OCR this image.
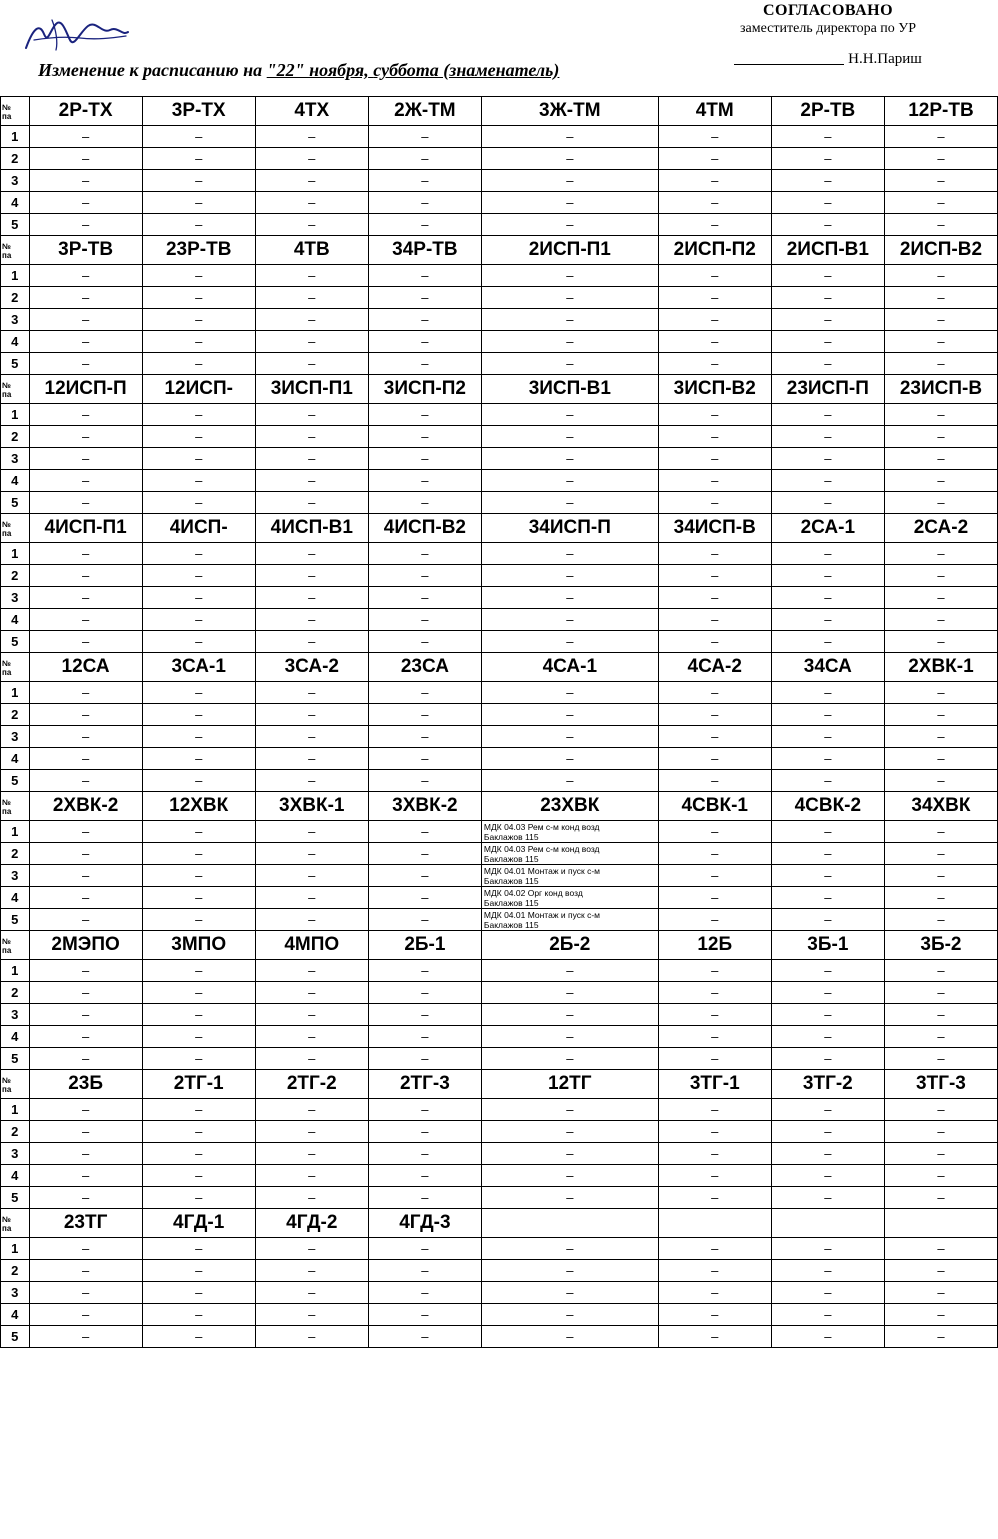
СОГЛАСОВАНО
заместитель директора по УР
Н.Н.Париш
Изменение к расписанию на "22" ноября, суббота (знаменатель)
№
па	2Р-ТХ	3Р-ТХ	4ТХ	2Ж-ТМ	3Ж-ТМ	4ТМ	2Р-ТВ	12Р-ТВ
1	–	–	–	–	–	–	–	–
2	–	–	–	–	–	–	–	–
3	–	–	–	–	–	–	–	–
4	–	–	–	–	–	–	–	–
5	–	–	–	–	–	–	–	–
№
па	3Р-ТВ	23Р-ТВ	4ТВ	34Р-ТВ	2ИСП-П1	2ИСП-П2	2ИСП-В1	2ИСП-В2
1	–	–	–	–	–	–	–	–
2	–	–	–	–	–	–	–	–
3	–	–	–	–	–	–	–	–
4	–	–	–	–	–	–	–	–
5	–	–	–	–	–	–	–	–
№
па	12ИСП-П	12ИСП-	3ИСП-П1	3ИСП-П2	3ИСП-В1	3ИСП-В2	23ИСП-П	23ИСП-В
1	–	–	–	–	–	–	–	–
2	–	–	–	–	–	–	–	–
3	–	–	–	–	–	–	–	–
4	–	–	–	–	–	–	–	–
5	–	–	–	–	–	–	–	–
№
па	4ИСП-П1	4ИСП-	4ИСП-В1	4ИСП-В2	34ИСП-П	34ИСП-В	2СА-1	2СА-2
1	–	–	–	–	–	–	–	–
2	–	–	–	–	–	–	–	–
3	–	–	–	–	–	–	–	–
4	–	–	–	–	–	–	–	–
5	–	–	–	–	–	–	–	–
№
па	12СА	3СА-1	3СА-2	23СА	4СА-1	4СА-2	34СА	2ХВК-1
1	–	–	–	–	–	–	–	–
2	–	–	–	–	–	–	–	–
3	–	–	–	–	–	–	–	–
4	–	–	–	–	–	–	–	–
5	–	–	–	–	–	–	–	–
№
па	2ХВК-2	12ХВК	3ХВК-1	3ХВК-2	23ХВК	4СВК-1	4СВК-2	34ХВК
1	–	–	–	–	МДК 04.03 Рем с-м конд возд
Баклажов 115	–	–	–
2	–	–	–	–	МДК 04.03 Рем с-м конд возд
Баклажов 115	–	–	–
3	–	–	–	–	МДК 04.01 Монтаж и пуск с-м
Баклажов 115	–	–	–
4	–	–	–	–	МДК 04.02 Орг конд возд
Баклажов 115	–	–	–
5	–	–	–	–	МДК 04.01 Монтаж и пуск с-м
Баклажов 115	–	–	–
№
па	2МЭПО	3МПО	4МПО	2Б-1	2Б-2	12Б	3Б-1	3Б-2
1	–	–	–	–	–	–	–	–
2	–	–	–	–	–	–	–	–
3	–	–	–	–	–	–	–	–
4	–	–	–	–	–	–	–	–
5	–	–	–	–	–	–	–	–
№
па	23Б	2ТГ-1	2ТГ-2	2ТГ-3	12ТГ	3ТГ-1	3ТГ-2	3ТГ-3
1	–	–	–	–	–	–	–	–
2	–	–	–	–	–	–	–	–
3	–	–	–	–	–	–	–	–
4	–	–	–	–	–	–	–	–
5	–	–	–	–	–	–	–	–
№
па	23ТГ	4ГД-1	4ГД-2	4ГД-3				
1	–	–	–	–	–	–	–	–
2	–	–	–	–	–	–	–	–
3	–	–	–	–	–	–	–	–
4	–	–	–	–	–	–	–	–
5	–	–	–	–	–	–	–	–
